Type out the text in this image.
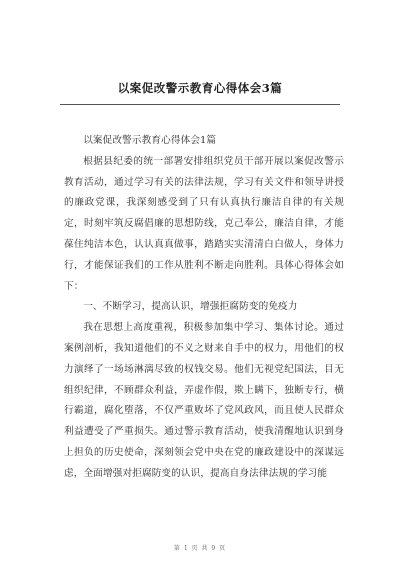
以案促改警示教育心得体会3篇

以案促改警示教育心得体会1篇

根据县纪委的统一部署安排组织党员干部开展以案促改警示教育活动，通过学习有关的法律法规，学习有关文件和领导讲授的廉政党课，我深刻感受到了只有认真执行廉洁自律的有关规定，时刻牢筑反腐倡廉的思想防线，克己奉公，廉洁自律，才能葆住纯洁本色，认认真真做事，踏踏实实清清白白做人，身体力行，才能保证我们的工作从胜利不断走向胜利。具体心得体会如下：

一、不断学习，提高认识，增强拒腐防变的免疫力

我在思想上高度重视，积极参加集中学习、集体讨论。通过案例剖析，我知道他们的不义之财来自手中的权力，用他们的权力演绎了一场场淋漓尽致的权钱交易。他们无视党纪国法，目无组织纪律，不顾群众利益，弄虚作假，欺上瞒下，独断专行，横行霸道，腐化堕落，不仅严重败坏了党风政风，而且使人民群众利益遭受了严重损失。通过警示教育活动，使我清醒地认识到身上担负的历史使命，深刻领会党中央在党的廉政建设中的深谋远虑，全面增强对拒腐防变的认识，提高自身法律法规的学习能

第 1 页 共 9 页
